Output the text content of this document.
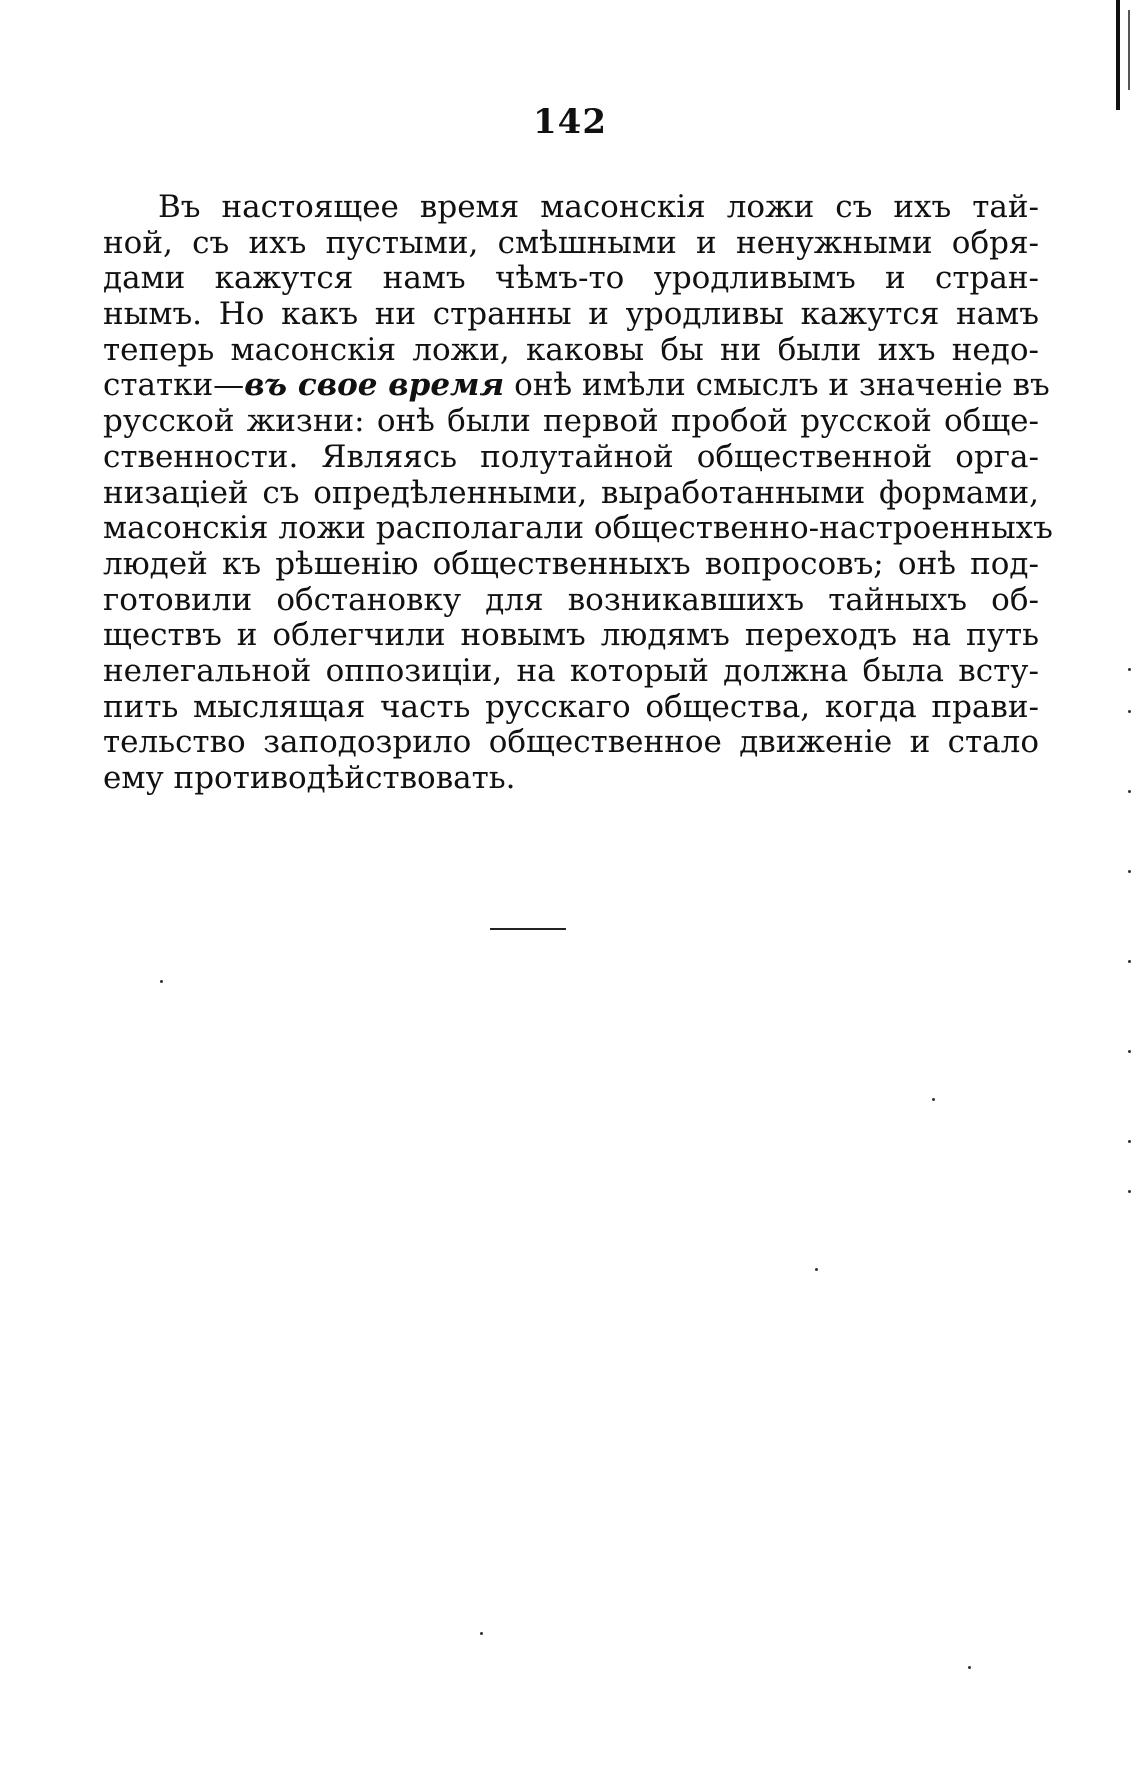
142
Въ настоящее время масонскія ложи съ ихъ тай-
ной, съ ихъ пустыми, смѣшными и ненужными обря-
дами кажутся намъ чѣмъ-то уродливымъ и стран-
нымъ. Но какъ ни странны и уродливы кажутся намъ
теперь масонскія ложи, каковы бы ни были ихъ недо-
статки—въ свое время онѣ имѣли смыслъ и значеніе въ
русской жизни: онѣ были первой пробой русской обще-
ственности. Являясь полутайной общественной орга-
низаціей съ опредѣленными, выработанными формами,
масонскія ложи располагали общественно-настроенныхъ
людей къ рѣшенію общественныхъ вопросовъ; онѣ под-
готовили обстановку для возникавшихъ тайныхъ об-
ществъ и облегчили новымъ людямъ переходъ на путь
нелегальной оппозиціи, на который должна была всту-
пить мыслящая часть русскаго общества, когда прави-
тельство заподозрило общественное движеніе и стало
ему противодѣйствовать.
